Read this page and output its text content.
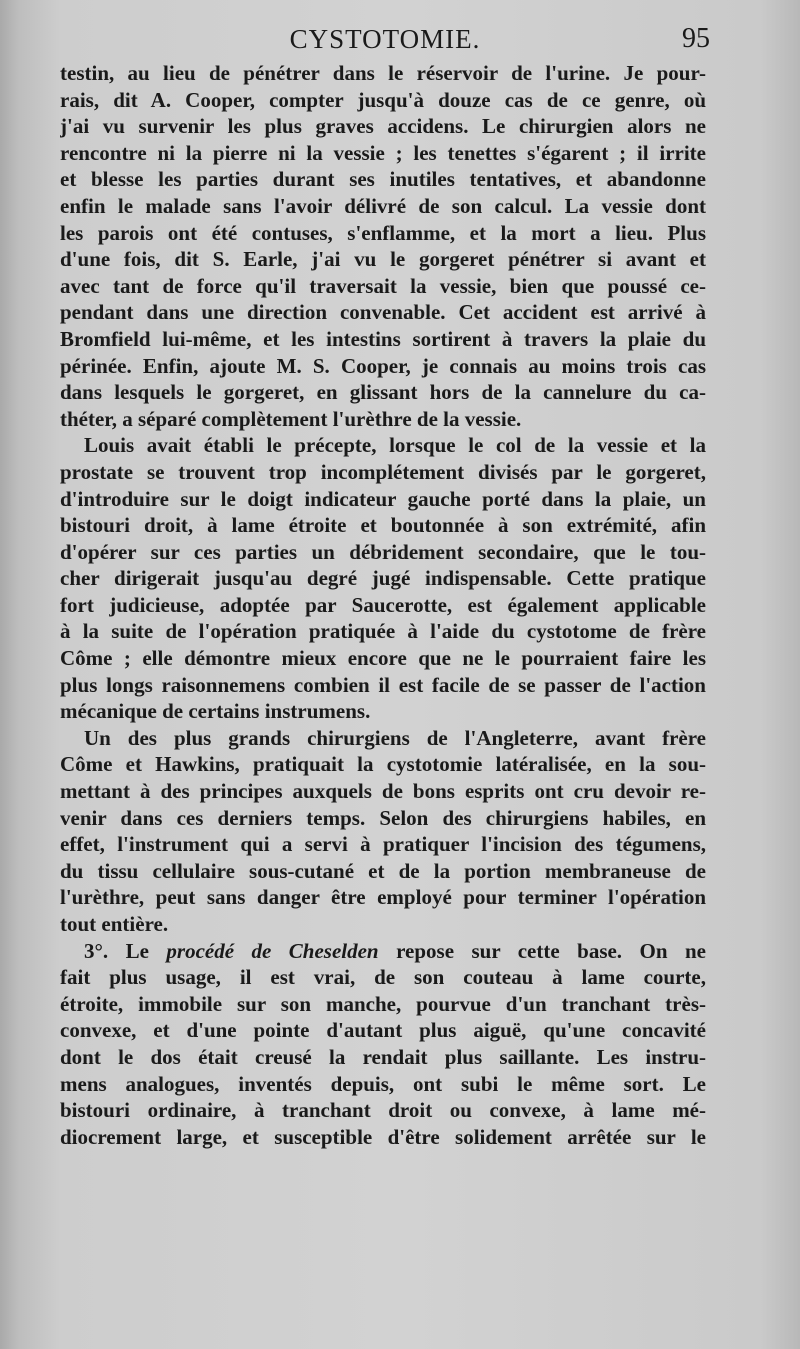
CYSTOTOMIE.	95
testin, au lieu de pénétrer dans le réservoir de l'urine. Je pour-
rais, dit A. Cooper, compter jusqu'à douze cas de ce genre, où
j'ai vu survenir les plus graves accidens. Le chirurgien alors ne
rencontre ni la pierre ni la vessie ; les tenettes s'égarent ; il irrite
et blesse les parties durant ses inutiles tentatives, et abandonne
enfin le malade sans l'avoir délivré de son calcul. La vessie dont
les parois ont été contuses, s'enflamme, et la mort a lieu. Plus
d'une fois, dit S. Earle, j'ai vu le gorgeret pénétrer si avant et
avec tant de force qu'il traversait la vessie, bien que poussé ce-
pendant dans une direction convenable. Cet accident est arrivé à
Bromfield lui-même, et les intestins sortirent à travers la plaie du
périnée. Enfin, ajoute M. S. Cooper, je connais au moins trois cas
dans lesquels le gorgeret, en glissant hors de la cannelure du ca-
théter, a séparé complètement l'urèthre de la vessie.
Louis avait établi le précepte, lorsque le col de la vessie et la
prostate se trouvent trop incomplétement divisés par le gorgeret,
d'introduire sur le doigt indicateur gauche porté dans la plaie, un
bistouri droit, à lame étroite et boutonnée à son extrémité, afin
d'opérer sur ces parties un débridement secondaire, que le tou-
cher dirigerait jusqu'au degré jugé indispensable. Cette pratique
fort judicieuse, adoptée par Saucerotte, est également applicable
à la suite de l'opération pratiquée à l'aide du cystotome de frère
Côme ; elle démontre mieux encore que ne le pourraient faire les
plus longs raisonnemens combien il est facile de se passer de l'action
mécanique de certains instrumens.
Un des plus grands chirurgiens de l'Angleterre, avant frère
Côme et Hawkins, pratiquait la cystotomie latéralisée, en la sou-
mettant à des principes auxquels de bons esprits ont cru devoir re-
venir dans ces derniers temps. Selon des chirurgiens habiles, en
effet, l'instrument qui a servi à pratiquer l'incision des tégumens,
du tissu cellulaire sous-cutané et de la portion membraneuse de
l'urèthre, peut sans danger être employé pour terminer l'opération
tout entière.
3°. Le procédé de Cheselden repose sur cette base. On ne
fait plus usage, il est vrai, de son couteau à lame courte,
étroite, immobile sur son manche, pourvue d'un tranchant très-
convexe, et d'une pointe d'autant plus aiguë, qu'une concavité
dont le dos était creusé la rendait plus saillante. Les instru-
mens analogues, inventés depuis, ont subi le même sort. Le
bistouri ordinaire, à tranchant droit ou convexe, à lame mé-
diocrement large, et susceptible d'être solidement arrêtée sur le
